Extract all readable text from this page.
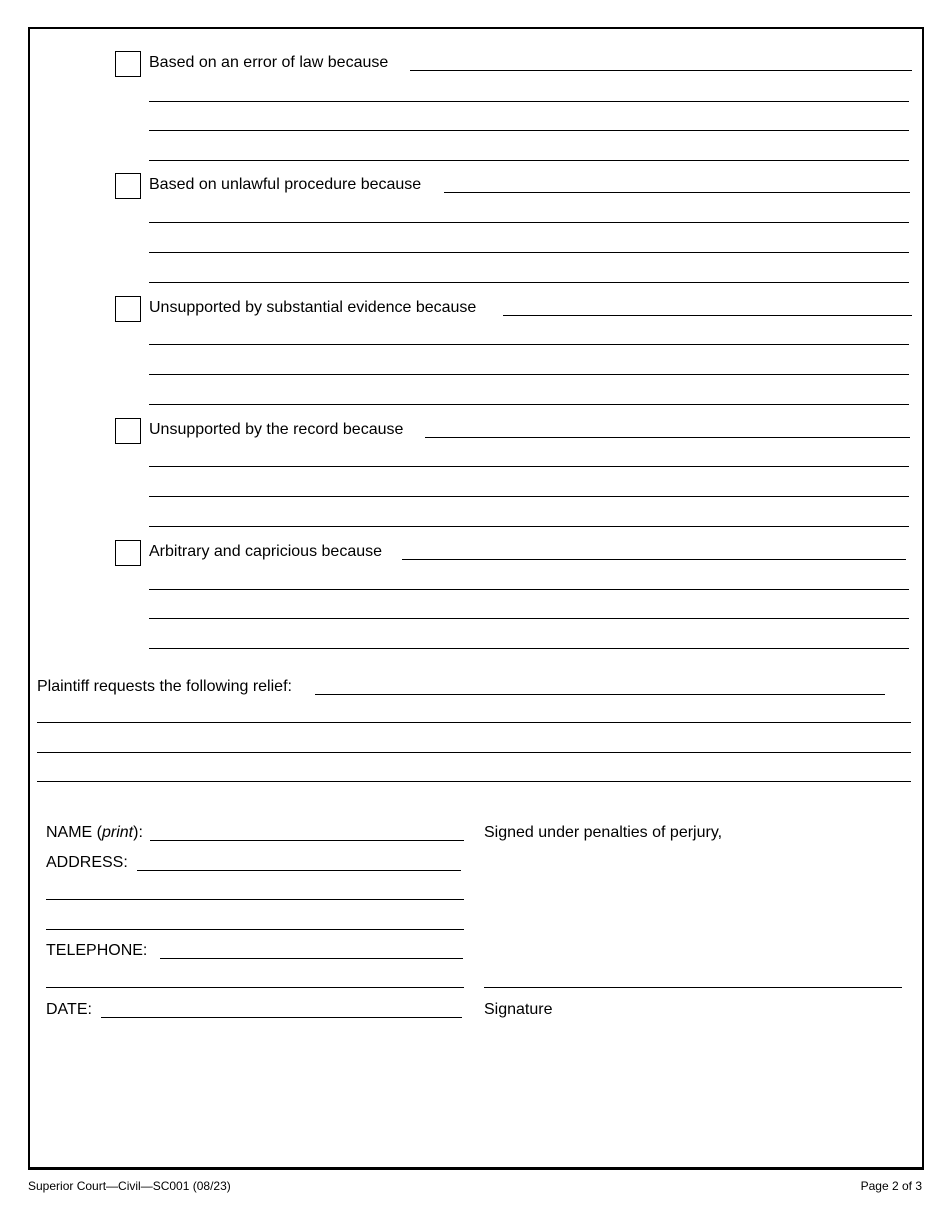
Based on an error of law because
Based on unlawful procedure because
Unsupported by substantial evidence because
Unsupported by the record because
Arbitrary and capricious because
Plaintiff requests the following relief:
NAME (print):
ADDRESS:
TELEPHONE:
DATE:
Signed under penalties of perjury,
Signature
Superior Court—Civil—SC001 (08/23)	Page 2 of 3
